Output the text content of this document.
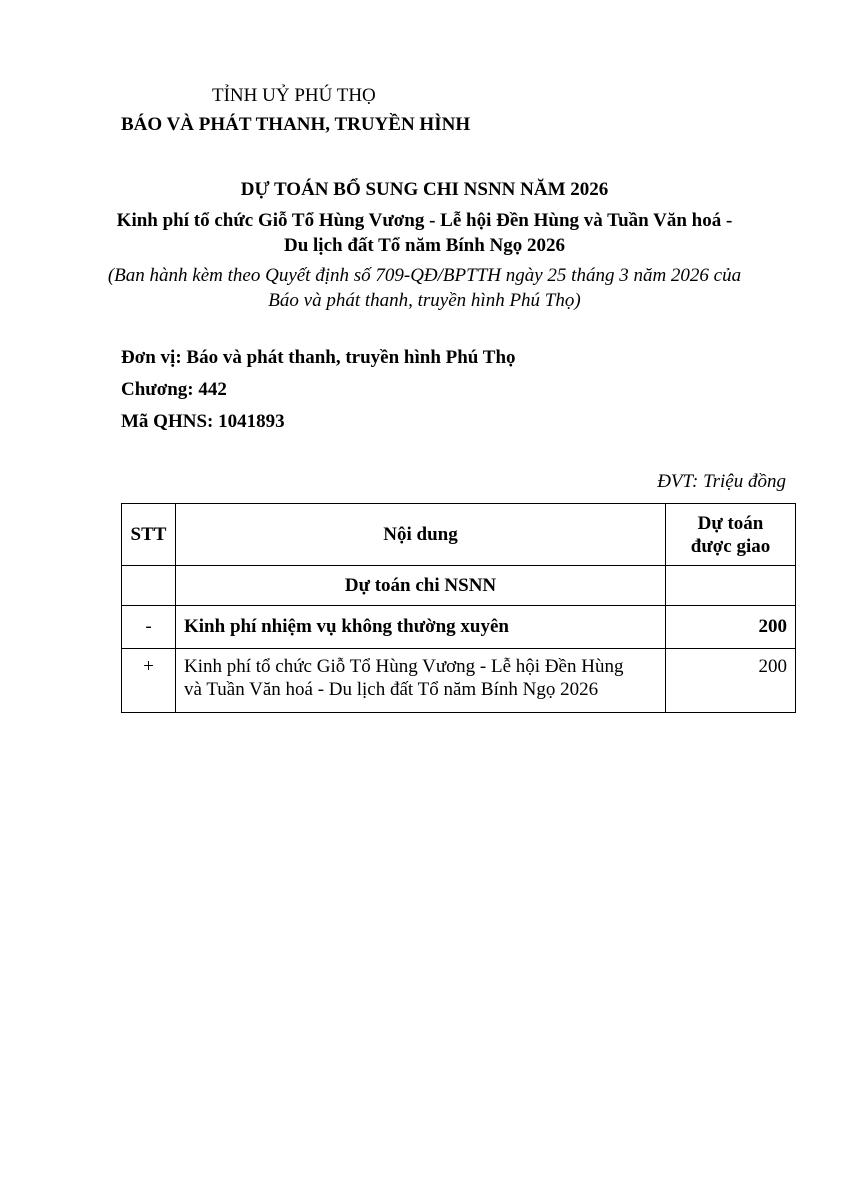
TỈNH UỶ PHÚ THỌ
BÁO VÀ PHÁT THANH, TRUYỀN HÌNH
DỰ TOÁN BỔ SUNG CHI NSNN NĂM 2026
Kinh phí tổ chức Giỗ Tổ Hùng Vương - Lễ hội Đền Hùng và Tuần Văn hoá -
Du lịch đất Tổ năm Bính Ngọ 2026
(Ban hành kèm theo Quyết định số 709-QĐ/BPTTH ngày 25 tháng 3 năm 2026 của
Báo và phát thanh, truyền hình Phú Thọ)
Đơn vị: Báo và phát thanh, truyền hình Phú Thọ
Chương: 442
Mã QHNS: 1041893
ĐVT: Triệu đồng
STT	Nội dung	Dự toán
được giao

	Dự toán chi NSNN	
-	Kinh phí nhiệm vụ không thường xuyên	200
+	Kinh phí tổ chức Giỗ Tổ Hùng Vương - Lễ hội Đền Hùng
và Tuần Văn hoá - Du lịch đất Tổ năm Bính Ngọ 2026	200
